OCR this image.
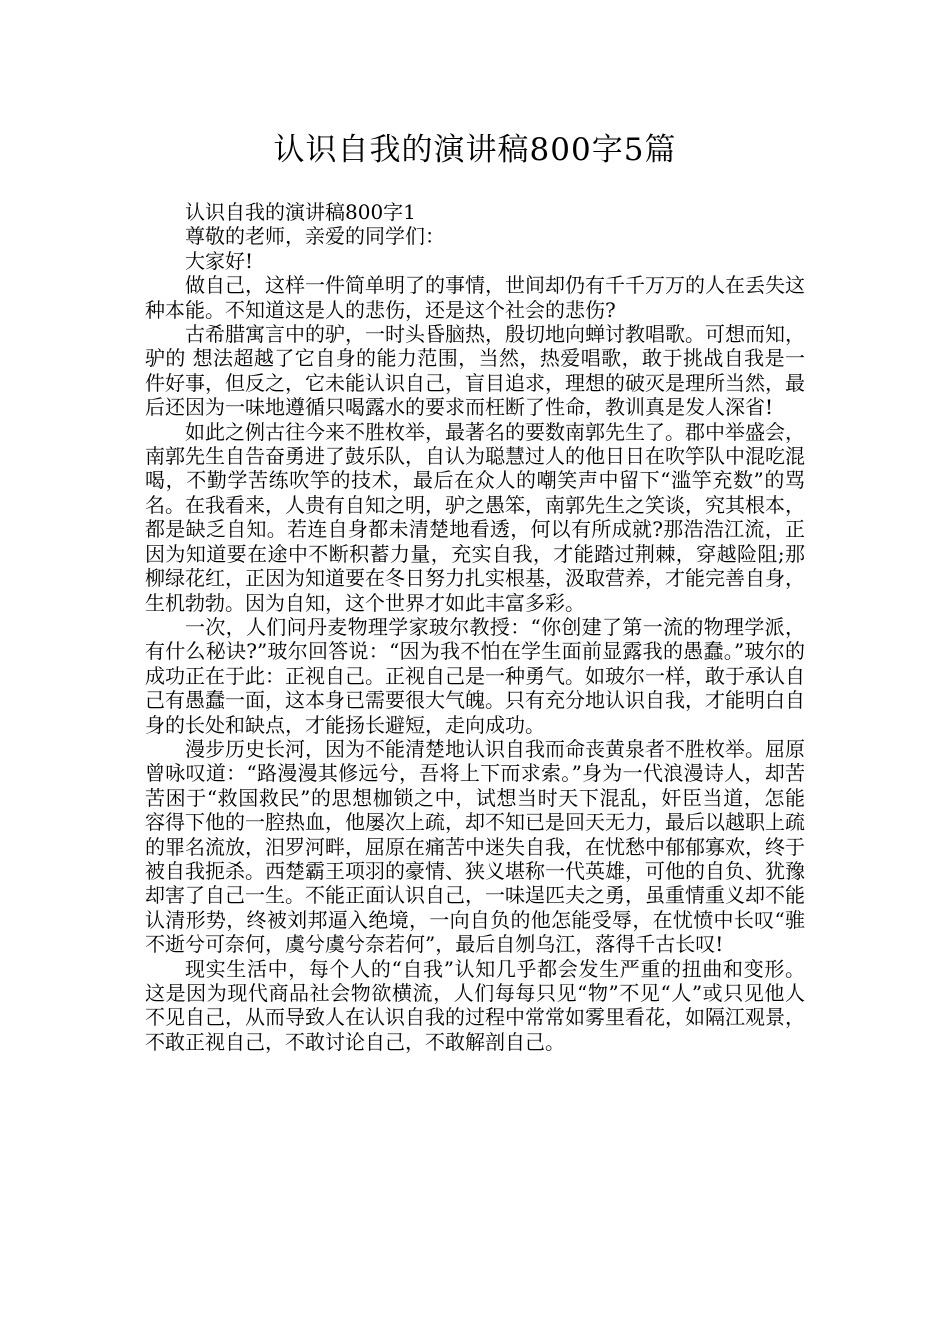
认识自我的演讲稿800字5篇

认识自我的演讲稿800字1

尊敬的老师，亲爱的同学们：

大家好!

做自己，这样一件简单明了的事情，世间却仍有千千万万的人在丢失这种本能。不知道这是人的悲伤，还是这个社会的悲伤?

古希腊寓言中的驴，一时头昏脑热，殷切地向蝉讨教唱歌。可想而知，驴的 想法超越了它自身的能力范围，当然，热爱唱歌，敢于挑战自我是一件好事，但反之，它未能认识自己，盲目追求，理想的破灭是理所当然，最后还因为一味地遵循只喝露水的要求而枉断了性命，教训真是发人深省!

如此之例古往今来不胜枚举，最著名的要数南郭先生了。郡中举盛会，南郭先生自告奋勇进了鼓乐队，自认为聪慧过人的他日日在吹竽队中混吃混喝，不勤学苦练吹竽的技术，最后在众人的嘲笑声中留下“滥竽充数”的骂名。在我看来，人贵有自知之明，驴之愚笨，南郭先生之笑谈，究其根本，都是缺乏自知。若连自身都未清楚地看透，何以有所成就?那浩浩江流，正因为知道要在途中不断积蓄力量，充实自我，才能踏过荆棘，穿越险阻;那柳绿花红，正因为知道要在冬日努力扎实根基，汲取营养，才能完善自身，生机勃勃。因为自知，这个世界才如此丰富多彩。

一次，人们问丹麦物理学家玻尔教授：“你创建了第一流的物理学派，有什么秘诀?”玻尔回答说：“因为我不怕在学生面前显露我的愚蠢。”玻尔的成功正在于此：正视自己。正视自己是一种勇气。如玻尔一样，敢于承认自己有愚蠢一面，这本身已需要很大气魄。只有充分地认识自我，才能明白自身的长处和缺点，才能扬长避短，走向成功。

漫步历史长河，因为不能清楚地认识自我而命丧黄泉者不胜枚举。屈原曾咏叹道：“路漫漫其修远兮，吾将上下而求索。”身为一代浪漫诗人，却苦苦困于“救国救民”的思想枷锁之中，试想当时天下混乱，奸臣当道，怎能容得下他的一腔热血，他屡次上疏，却不知已是回天无力，最后以越职上疏的罪名流放，汨罗河畔，屈原在痛苦中迷失自我，在忧愁中郁郁寡欢，终于被自我扼杀。西楚霸王项羽的豪情、狭义堪称一代英雄，可他的自负、犹豫却害了自己一生。不能正面认识自己，一味逞匹夫之勇，虽重情重义却不能认清形势，终被刘邦逼入绝境，一向自负的他怎能受辱，在忧愤中长叹“骓不逝兮可奈何，虞兮虞兮奈若何”，最后自刎乌江，落得千古长叹!

现实生活中，每个人的“自我”认知几乎都会发生严重的扭曲和变形。这是因为现代商品社会物欲横流，人们每每只见“物”不见“人”或只见他人不见自己，从而导致人在认识自我的过程中常常如雾里看花，如隔江观景，不敢正视自己，不敢讨论自己，不敢解剖自己。
